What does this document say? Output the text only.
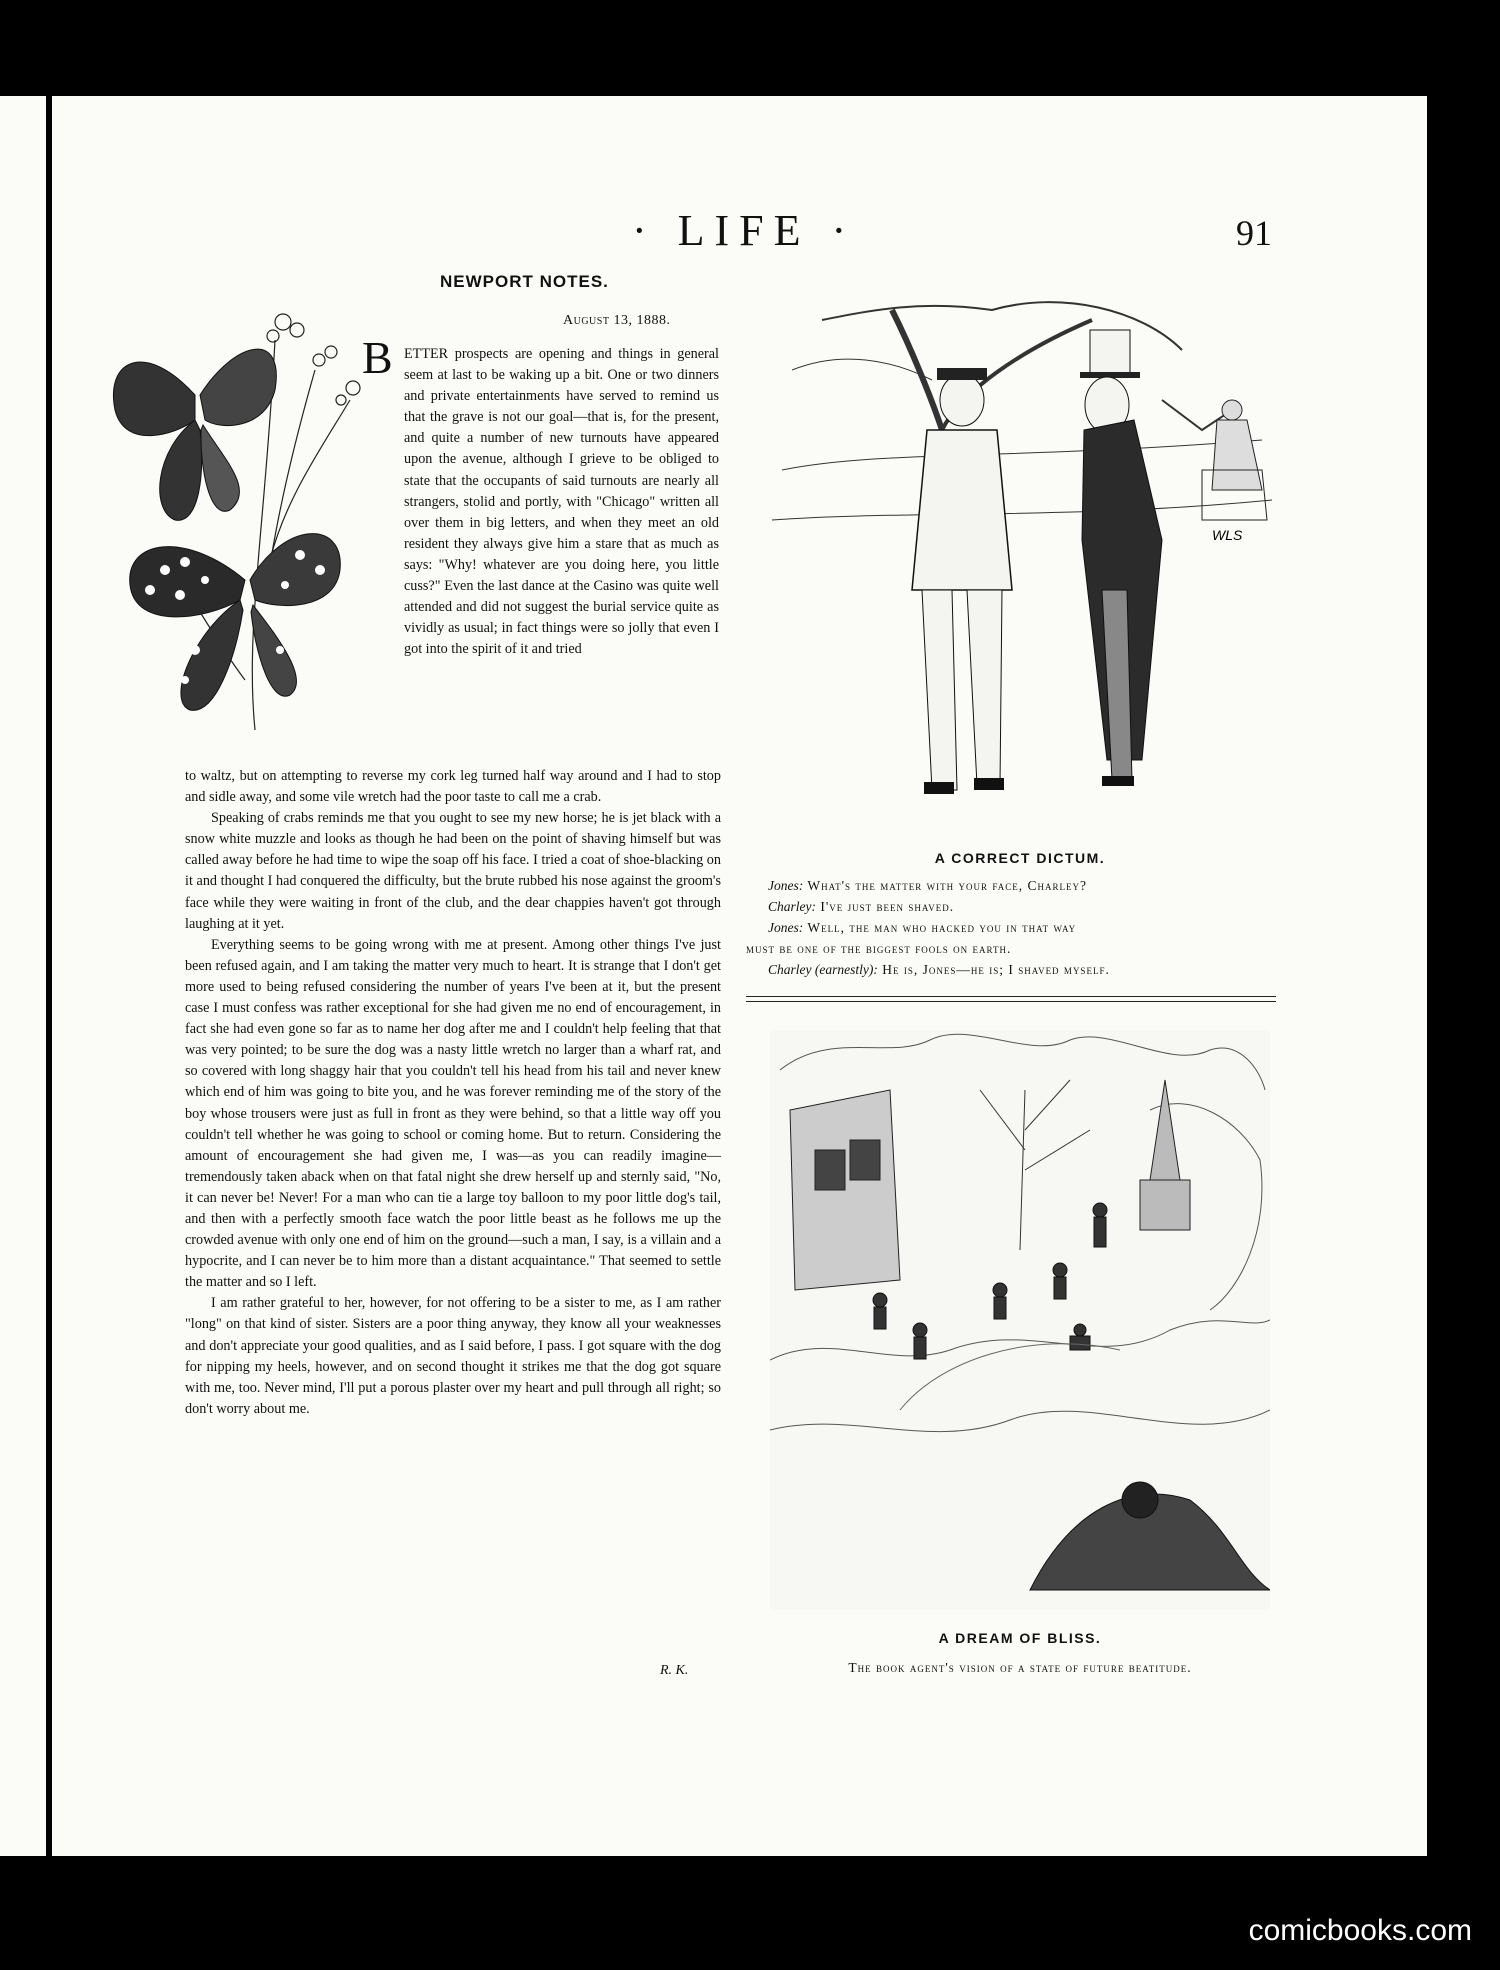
· LIFE ·	91
NEWPORT NOTES.
August 13, 1888.
B ETTER prospects are opening and things in general seem at last to be waking up a bit. One or two dinners and private entertainments have served to remind us that the grave is not our goal—that is, for the present, and quite a number of new turnouts have appeared upon the avenue, although I grieve to be obliged to state that the occupants of said turnouts are nearly all strangers, stolid and portly, with "Chicago" written all over them in big letters, and when they meet an old resident they always give him a stare that as much as says: "Why! whatever are you doing here, you little cuss?" Even the last dance at the Casino was quite well attended and did not suggest the burial service quite as vividly as usual; in fact things were so jolly that even I got into the spirit of it and tried

to waltz, but on attempting to reverse my cork leg turned half way around and I had to stop and sidle away, and some vile wretch had the poor taste to call me a crab.

Speaking of crabs reminds me that you ought to see my new horse; he is jet black with a snow white muzzle and looks as though he had been on the point of shaving himself but was called away before he had time to wipe the soap off his face. I tried a coat of shoe-blacking on it and thought I had conquered the difficulty, but the brute rubbed his nose against the groom's face while they were waiting in front of the club, and the dear chappies haven't got through laughing at it yet.

Everything seems to be going wrong with me at present. Among other things I've just been refused again, and I am taking the matter very much to heart. It is strange that I don't get more used to being refused considering the number of years I've been at it, but the present case I must confess was rather exceptional for she had given me no end of encouragement, in fact she had even gone so far as to name her dog after me and I couldn't help feeling that that was very pointed; to be sure the dog was a nasty little wretch no larger than a wharf rat, and so covered with long shaggy hair that you couldn't tell his head from his tail and never knew which end of him was going to bite you, and he was forever reminding me of the story of the boy whose trousers were just as full in front as they were behind, so that a little way off you couldn't tell whether he was going to school or coming home. But to return. Considering the amount of encouragement she had given me, I was—as you can readily imagine—tremendously taken aback when on that fatal night she drew herself up and sternly said, "No, it can never be! Never! For a man who can tie a large toy balloon to my poor little dog's tail, and then with a perfectly smooth face watch the poor little beast as he follows me up the crowded avenue with only one end of him on the ground—such a man, I say, is a villain and a hypocrite, and I can never be to him more than a distant acquaintance." That seemed to settle the matter and so I left.

I am rather grateful to her, however, for not offering to be a sister to me, as I am rather "long" on that kind of sister. Sisters are a poor thing anyway, they know all your weaknesses and don't appreciate your good qualities, and as I said before, I pass. I got square with the dog for nipping my heels, however, and on second thought it strikes me that the dog got square with me, too. Never mind, I'll put a porous plaster over my heart and pull through all right; so don't worry about me.

R. K.
WLS
A CORRECT DICTUM.
Jones: What's the matter with your face, Charley?
Charley: I've just been shaved.
Jones: Well, the man who hacked you in that way
must be one of the biggest fools on earth.
Charley (earnestly): He is, Jones—he is; I shaved myself.
A DREAM OF BLISS.
The book agent's vision of a state of future beatitude.
comicbooks.com
